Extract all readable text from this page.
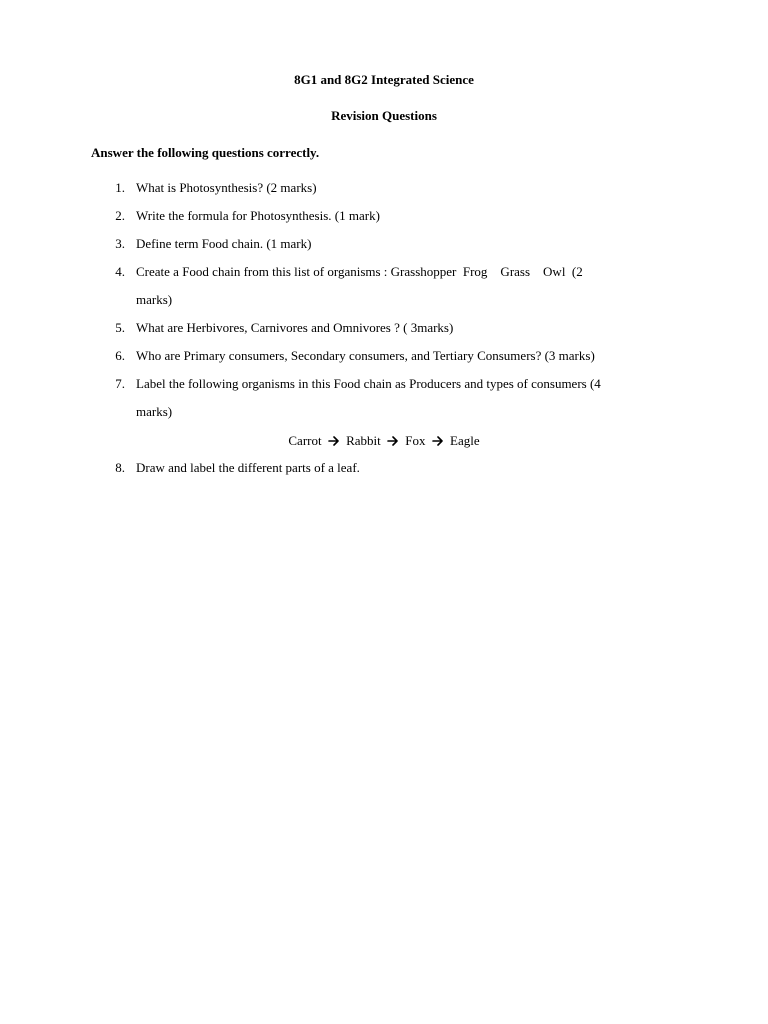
8G1 and 8G2 Integrated Science
Revision Questions
Answer the following questions correctly.
1. What is Photosynthesis? (2 marks)
2. Write the formula for Photosynthesis. (1 mark)
3. Define term Food chain. (1 mark)
4. Create a Food chain from this list of organisms : Grasshopper  Frog    Grass    Owl  (2
marks)
5. What are Herbivores, Carnivores and Omnivores ? ( 3marks)
6. Who are Primary consumers, Secondary consumers, and Tertiary Consumers? (3 marks)
7. Label the following organisms in this Food chain as Producers and types of consumers (4
marks)
Carrot Rabbit Fox Eagle
8. Draw and label the different parts of a leaf.
